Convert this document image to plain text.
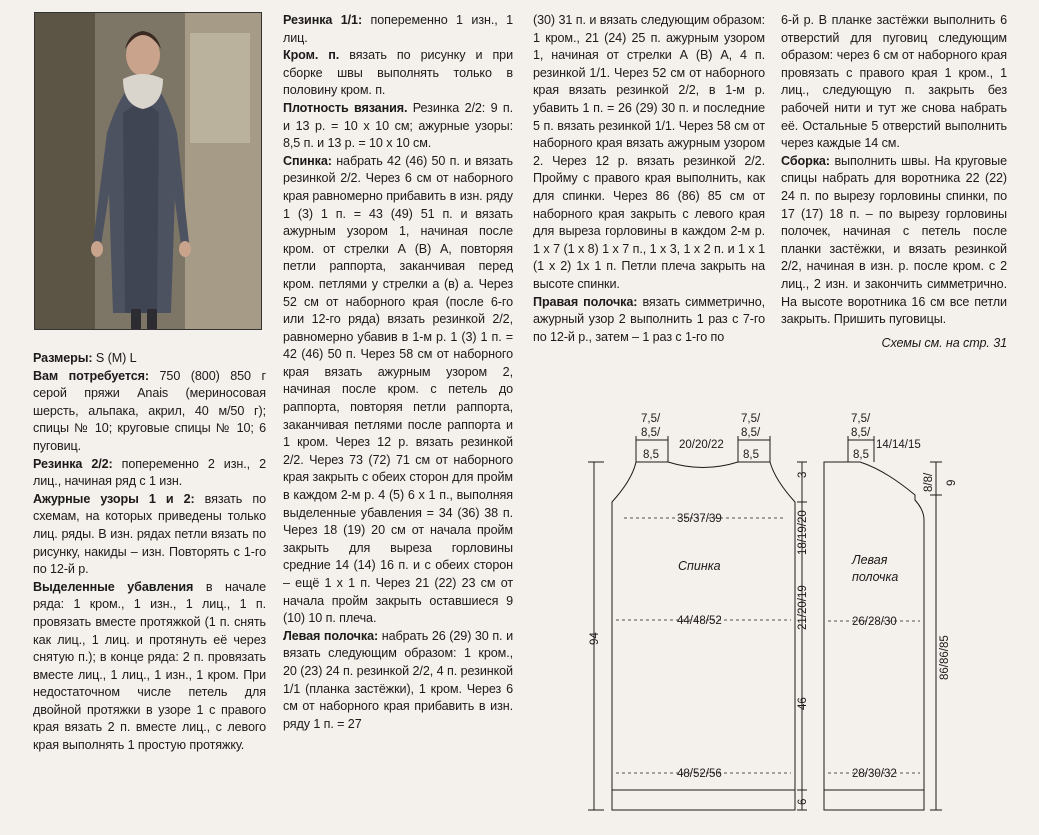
Размеры: S (M) L

Вам потребуется: 750 (800) 850 г серой пряжи Anais (мериносовая шерсть, альпака, акрил, 40 м/50 г); спицы № 10; круговые спицы № 10; 6 пуговиц.

Резинка 2/2: попеременно 2 изн., 2 лиц., начиная ряд с 1 изн.

Ажурные узоры 1 и 2: вязать по схемам, на которых приведены только лиц. ряды. В изн. рядах петли вязать по рисунку, накиды – изн. Повторять с 1-го по 12-й р.

Выделенные убавления в начале ряда: 1 кром., 1 изн., 1 лиц., 1 п. провязать вместе протяжкой (1 п. снять как лиц., 1 лиц. и протянуть её через снятую п.); в конце ряда: 2 п. провязать вместе лиц., 1 лиц., 1 изн., 1 кром. При недостаточном числе петель для двойной протяжки в узоре 1 с правого края вязать 2 п. вместе лиц., с левого края выполнять 1 простую протяжку.

Резинка 1/1: попеременно 1 изн., 1 лиц.

Кром. п. вязать по рисунку и при сборке швы выполнять только в половину кром. п.

Плотность вязания. Резинка 2/2: 9 п. и 13 р. = 10 х 10 см; ажурные узоры: 8,5 п. и 13 р. = 10 х 10 см.

Спинка: набрать 42 (46) 50 п. и вязать резинкой 2/2. Через 6 см от наборного края равномерно прибавить в изн. ряду 1 (3) 1 п. = 43 (49) 51 п. и вязать ажурным узором 1, начиная после кром. от стрелки А (В) А, повторяя петли раппорта, заканчивая перед кром. петлями у стрелки а (в) а. Через 52 см от наборного края (после 6-го или 12-го ряда) вязать резинкой 2/2, равномерно убавив в 1-м р. 1 (3) 1 п. = 42 (46) 50 п. Через 58 см от наборного края вязать ажурным узором 2, начиная после кром. с петель до раппорта, повторяя петли раппорта, заканчивая петлями после раппорта и 1 кром. Через 12 р. вязать резинкой 2/2. Через 73 (72) 71 см от наборного края закрыть с обеих сторон для пройм в каждом 2-м р. 4 (5) 6 х 1 п., выполняя выделенные убавления = 34 (36) 38 п. Через 18 (19) 20 см от начала пройм закрыть для выреза горловины средние 14 (14) 16 п. и с обеих сторон – ещё 1 х 1 п. Через 21 (22) 23 см от начала пройм закрыть оставшиеся 9 (10) 10 п. плеча.

Левая полочка: набрать 26 (29) 30 п. и вязать следующим образом: 1 кром., 20 (23) 24 п. резинкой 2/2, 4 п. резинкой 1/1 (планка застёжки), 1 кром. Через 6 см от наборного края прибавить в изн. ряду 1 п. = 27

(30) 31 п. и вязать следующим образом: 1 кром., 21 (24) 25 п. ажурным узором 1, начиная от стрелки А (В) А, 4 п. резинкой 1/1. Через 52 см от наборного края вязать резинкой 2/2, в 1-м р. убавить 1 п. = 26 (29) 30 п. и последние 5 п. вязать резинкой 1/1. Через 58 см от наборного края вязать ажурным узором 2. Через 12 р. вязать резинкой 2/2. Пройму с правого края выполнить, как для спинки. Через 86 (86) 85 см от наборного края закрыть с левого края для выреза горловины в каждом 2-м р. 1 х 7 (1 х 8) 1 х 7 п., 1 х 3, 1 х 2 п. и 1 х 1 (1 х 2) 1х 1 п. Петли плеча закрыть на высоте спинки.

Правая полочка: вязать симметрично, ажурный узор 2 выполнить 1 раз с 7-го по 12-й р., затем – 1 раз с 1-го по

6-й р. В планке застёжки выполнить 6 отверстий для пуговиц следующим образом: через 6 см от наборного края провязать с правого края 1 кром., 1 лиц., следующую п. закрыть без рабочей нити и тут же снова набрать её. Остальные 5 отверстий выполнить через каждые 14 см.

Сборка: выполнить швы. На круговые спицы набрать для воротника 22 (22) 24 п. по вырезу горловины спинки, по 17 (17) 18 п. – по вырезу горловины полочек, начиная с петель после планки застёжки, и вязать резинкой 2/2, начиная в изн. р. после кром. с 2 лиц., 2 изн. и закончить симметрично. На высоте воротника 16 см все петли закрыть. Пришить пуговицы.

Схемы см. на стр. 31

7,5/
8,5/
8,5
7,5/
8,5/
8,5
20/20/22
35/37/39
Спинка
44/48/52
48/52/56
94
3
18/19/20
21/20/19
46
6
7,5/
8,5/
8,5
14/14/15
Левая
полочка
26/28/30
28/30/32
8/8/ 9
86/86/85
